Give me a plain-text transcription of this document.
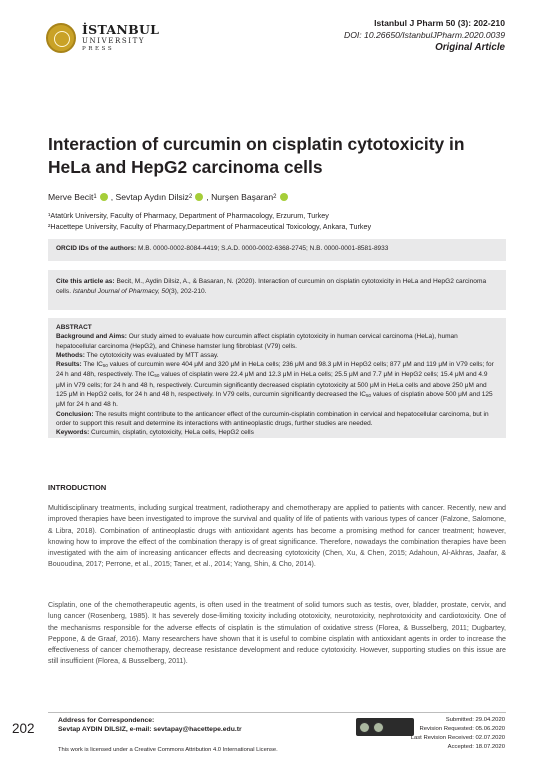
İSTANBUL
UNIVERSITY
PRESS
Istanbul J Pharm 50 (3): 202-210
DOI: 10.26650/IstanbulJPharm.2020.0039
Original Article
Interaction of curcumin on cisplatin cytotoxicity in HeLa and HepG2 carcinoma cells
Merve Becit 1 , Sevtap Aydın Dilsiz 2 , Nurşen Başaran 2
¹Atatürk University, Faculty of Pharmacy, Department of Pharmacology, Erzurum, Turkey
²Hacettepe University, Faculty of Pharmacy,Department of Pharmaceutical Toxicology, Ankara, Turkey
ORCID IDs of the authors: M.B. 0000-0002-8084-4419; S.A.D. 0000-0002-6368-2745; N.B. 0000-0001-8581-8933
Cite this article as: Becit, M., Aydin Dilsiz, A., & Basaran, N. (2020). Interaction of curcumin on cisplatin cytotoxicity in HeLa and HepG2 carcinoma cells. Istanbul Journal of Pharmacy, 50(3), 202-210.
ABSTRACT
Background and Aims: Our study aimed to evaluate how curcumin affect cisplatin cytotoxicity in human cervical carcinoma (HeLa), human hepatocellular carcinoma (HepG2), and Chinese hamster lung fibroblast (V79) cells.
Methods: The cytotoxicity was evaluated by MTT assay.
Results: The $IC_{50}$ values of curcumin were 404 μM and 320 μM in HeLa cells; 236 μM and 98.3 μM in HepG2 cells; 877 μM and 119 μM in V79 cells; for 24 h and 48h, respectively. The $IC_{50}$ values of cisplatin were 22.4 μM and 12.3 μM in HeLa cells; 25.5 μM and 7.7 μM in HepG2 cells; 15.4 μM and 4.9 μM in V79 cells; for 24 h and 48 h, respectively. Curcumin significantly decreased cisplatin cytotoxicity at 500 μM in HeLa cells and above 250 μM and 125 μM in HepG2 cells, for 24 h and 48 h, respectively. In V79 cells, curcumin significantly decreased the $IC_{50}$ values of cisplatin above 500 μM and 125 μM for 24 h and 48 h.
Conclusion: The results might contribute to the anticancer effect of the curcumin-cisplatin combination in cervical and hepatocellular carcinoma, but in order to support this result and determine its interactions with antineoplastic drugs, further studies are needed.
Keywords: Curcumin, cisplatin, cytotoxicity, HeLa cells, HepG2 cells
INTRODUCTION

Multidisciplinary treatments, including surgical treatment, radiotherapy and chemotherapy are applied to patients with cancer. Recently, new and improved therapies have been investigated to improve the survival and quality of life of patients with various types of cancer (Falzone, Salomone, & Libra, 2018). Combination of antineoplastic drugs with antioxidant agents has become a promising method for cancer treatment; however, knowing how to improve the effect of the combination therapy is of great significance. Therefore, nowadays the combination therapies have been investigated with the aim of increasing anticancer effects and decreasing cytotoxicity (Chen, Xu, & Chen, 2015; Adahoun, Al-Akhras, Jaafar, & Bououdina, 2017; Perrone, et al., 2015; Taner, et al., 2014; Yang, Shin, & Cho, 2014).

Cisplatin, one of the chemotherapeutic agents, is often used in the treatment of solid tumors such as testis, over, bladder, prostate, cervix, and lung cancer (Rosenberg, 1985). It has severely dose-limiting toxicity including ototoxicity, neurotoxicity, nephrotoxicity and cardiotoxicity. One of the mechanisms responsible for the adverse effects of cisplatin is the stimulation of oxidative stress (Florea, & Busselberg, 2011; Dugbartey, Peppone, & de Graaf, 2016). Many researchers have shown that it is useful to combine cisplatin with antioxidant agents in order to increase the effectiveness of cancer chemotherapy, decrease resistance development and reduce cytotoxicity. However, supporting studies on this issue are still insufficient (Florea, & Busselberg, 2011).

Address for Correspondence:
Sevtap AYDIN DILSIZ, e-mail: sevtapay@hacettepe.edu.tr
This work is licensed under a Creative Commons Attribution 4.0 International License.
Submitted: 29.04.2020
Revision Requested: 05.06.2020
Last Revision Received: 02.07.2020
Accepted: 18.07.2020
202
